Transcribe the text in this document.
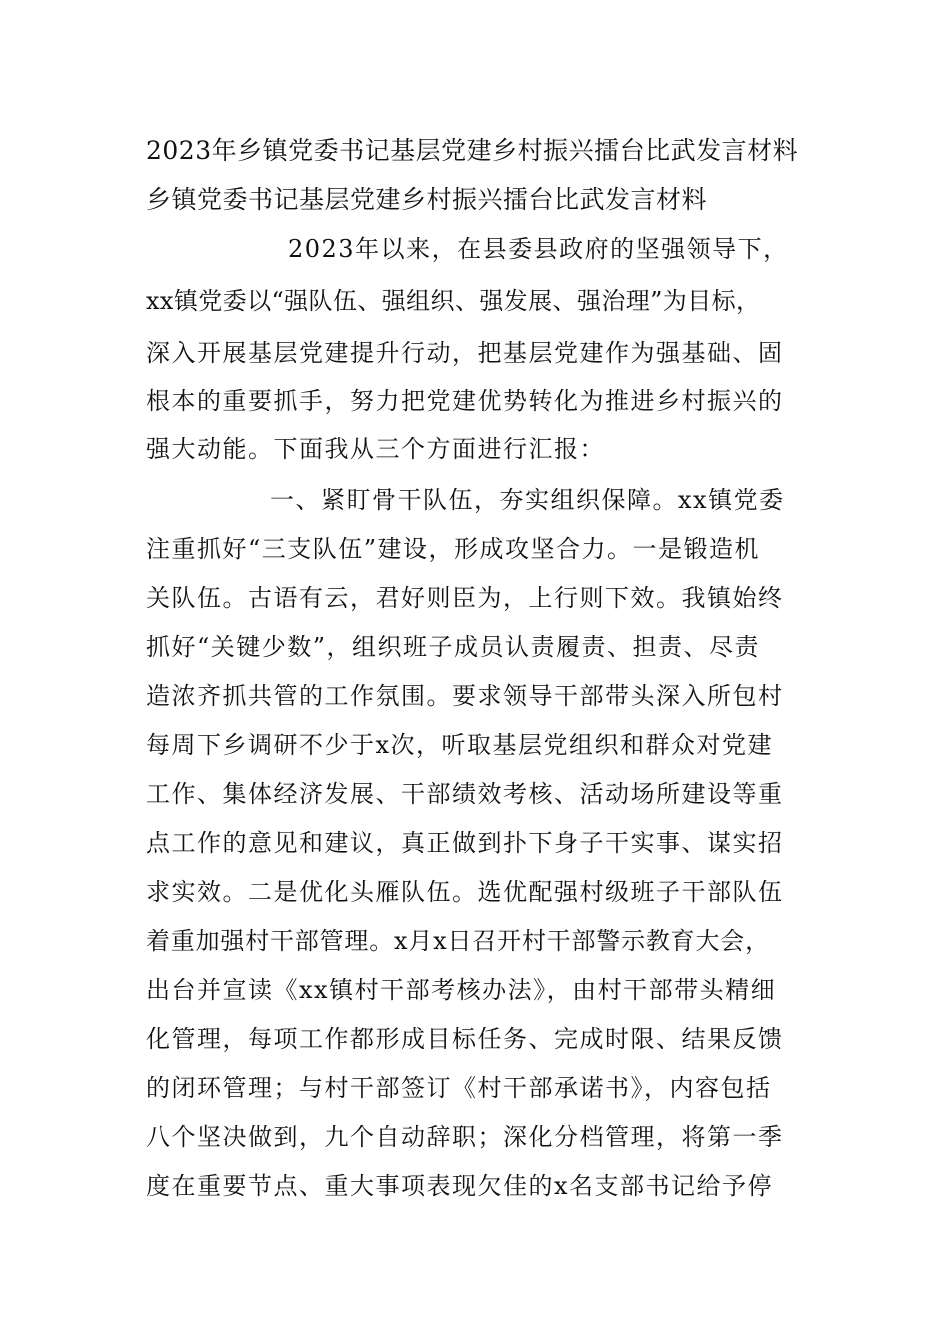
2023年乡镇党委书记基层党建乡村振兴擂台比武发言材料
乡镇党委书记基层党建乡村振兴擂台比武发言材料
2023年以来，在县委县政府的坚强领导下，
xx镇党委以“强队伍、强组织、强发展、强治理”为目标，
深入开展基层党建提升行动，把基层党建作为强基础、固
根本的重要抓手，努力把党建优势转化为推进乡村振兴的
强大动能。下面我从三个方面进行汇报：
一、紧盯骨干队伍，夯实组织保障。xx镇党委
注重抓好“三支队伍”建设，形成攻坚合力。一是锻造机
关队伍。古语有云，君好则臣为，上行则下效。我镇始终
抓好“关键少数”，组织班子成员认责履责、担责、尽责
造浓齐抓共管的工作氛围。要求领导干部带头深入所包村
每周下乡调研不少于x次，听取基层党组织和群众对党建
工作、集体经济发展、干部绩效考核、活动场所建设等重
点工作的意见和建议，真正做到扑下身子干实事、谋实招
求实效。二是优化头雁队伍。选优配强村级班子干部队伍
着重加强村干部管理。x月x日召开村干部警示教育大会，
出台并宣读《xx镇村干部考核办法》，由村干部带头精细
化管理，每项工作都形成目标任务、完成时限、结果反馈
的闭环管理；与村干部签订《村干部承诺书》，内容包括
八个坚决做到，九个自动辞职；深化分档管理，将第一季
度在重要节点、重大事项表现欠佳的x名支部书记给予停
